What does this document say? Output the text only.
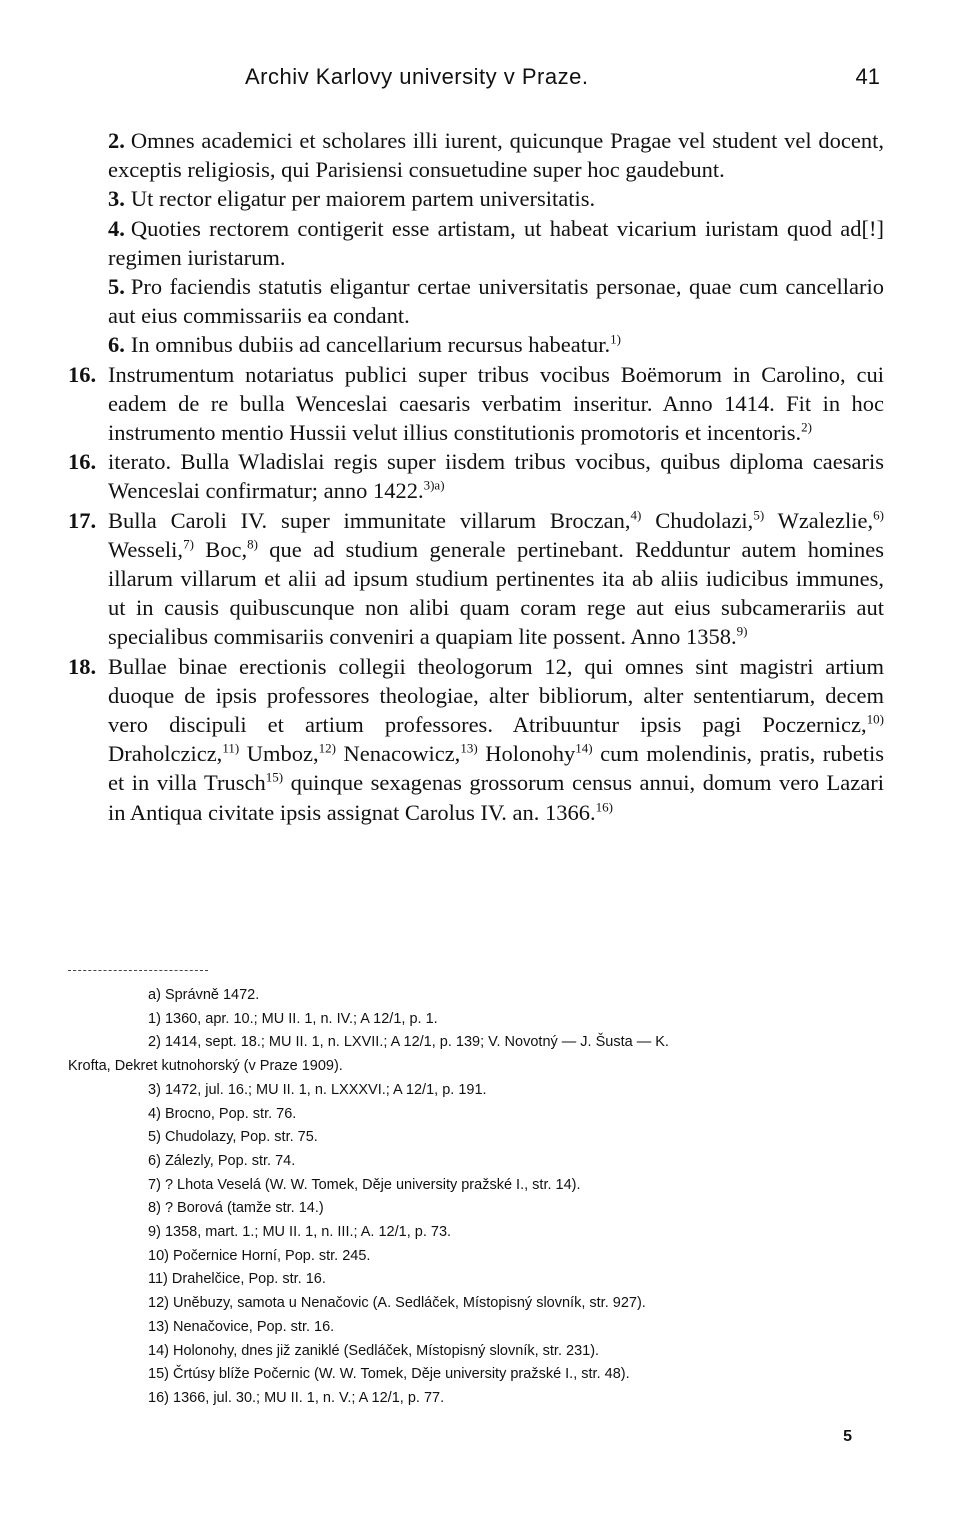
Archiv Karlovy university v Praze.	41
2. Omnes academici et scholares illi iurent, quicunque Pragae vel student vel docent, exceptis religiosis, qui Parisiensi consuetudine super hoc gaudebunt.
3. Ut rector eligatur per maiorem partem universitatis.
4. Quoties rectorem contigerit esse artistam, ut habeat vicarium iuristam quod ad[!] regimen iuristarum.
5. Pro faciendis statutis eligantur certae universitatis personae, quae cum cancellario aut eius commissariis ea condant.
6. In omnibus dubiis ad cancellarium recursus habeatur.$^{1)}$
16. Instrumentum notariatus publici super tribus vocibus Boëmorum in Carolino, cui eadem de re bulla Wenceslai caesaris verbatim inseritur. Anno 1414. Fit in hoc instrumento mentio Hussii velut illius constitutionis promotoris et incentoris.$^{2)}$
16. iterato. Bulla Wladislai regis super iisdem tribus vocibus, quibus diploma caesaris Wenceslai confirmatur; anno 1422.$^{3)a)}$
17. Bulla Caroli IV. super immunitate villarum Broczan,$^{4)}$ Chudolazi,$^{5)}$ Wzalezlie,$^{6)}$ Wesseli,$^{7)}$ Boc,$^{8)}$ que ad studium generale pertinebant. Redduntur autem homines illarum villarum et alii ad ipsum studium pertinentes ita ab aliis iudicibus immunes, ut in causis quibuscunque non alibi quam coram rege aut eius subcamerariis aut specialibus commisariis conveniri a quapiam lite possent. Anno 1358.$^{9)}$
18. Bullae binae erectionis collegii theologorum 12, qui omnes sint magistri artium duoque de ipsis professores theologiae, alter bibliorum, alter sententiarum, decem vero discipuli et artium professores. Atribuuntur ipsis pagi Poczernicz,$^{10)}$ Draholczicz,$^{11)}$ Umboz,$^{12)}$ Nenacowicz,$^{13)}$ Holonohy$^{14)}$ cum molendinis, pratis, rubetis et in villa Trusch$^{15)}$ quinque sexagenas grossorum census annui, domum vero Lazari in Antiqua civitate ipsis assignat Carolus IV. an. 1366.$^{16)}$
a) Správně 1472.
1) 1360, apr. 10.; MU II. 1, n. IV.; A 12/1, p. 1.
2) 1414, sept. 18.; MU II. 1, n. LXVII.; A 12/1, p. 139; V. Novotný — J. Šusta — K.
Krofta, Dekret kutnohorský (v Praze 1909).
3) 1472, jul. 16.; MU II. 1, n. LXXXVI.; A 12/1, p. 191.
4) Brocno, Pop. str. 76.
5) Chudolazy, Pop. str. 75.
6) Zálezly, Pop. str. 74.
7) ? Lhota Veselá (W. W. Tomek, Děje university pražské I., str. 14).
8) ? Borová (tamže str. 14.)
9) 1358, mart. 1.; MU II. 1, n. III.; A. 12/1, p. 73.
10) Počernice Horní, Pop. str. 245.
11) Drahelčice, Pop. str. 16.
12) Unĕbuzy, samota u Nenačovic (A. Sedláček, Místopisný slovník, str. 927).
13) Nenačovice, Pop. str. 16.
14) Holonohy, dnes již zaniklé (Sedláček, Místopisný slovník, str. 231).
15) Črtúsy blíže Počernic (W. W. Tomek, Děje university pražské I., str. 48).
16) 1366, jul. 30.; MU II. 1, n. V.; A 12/1, p. 77.
5
